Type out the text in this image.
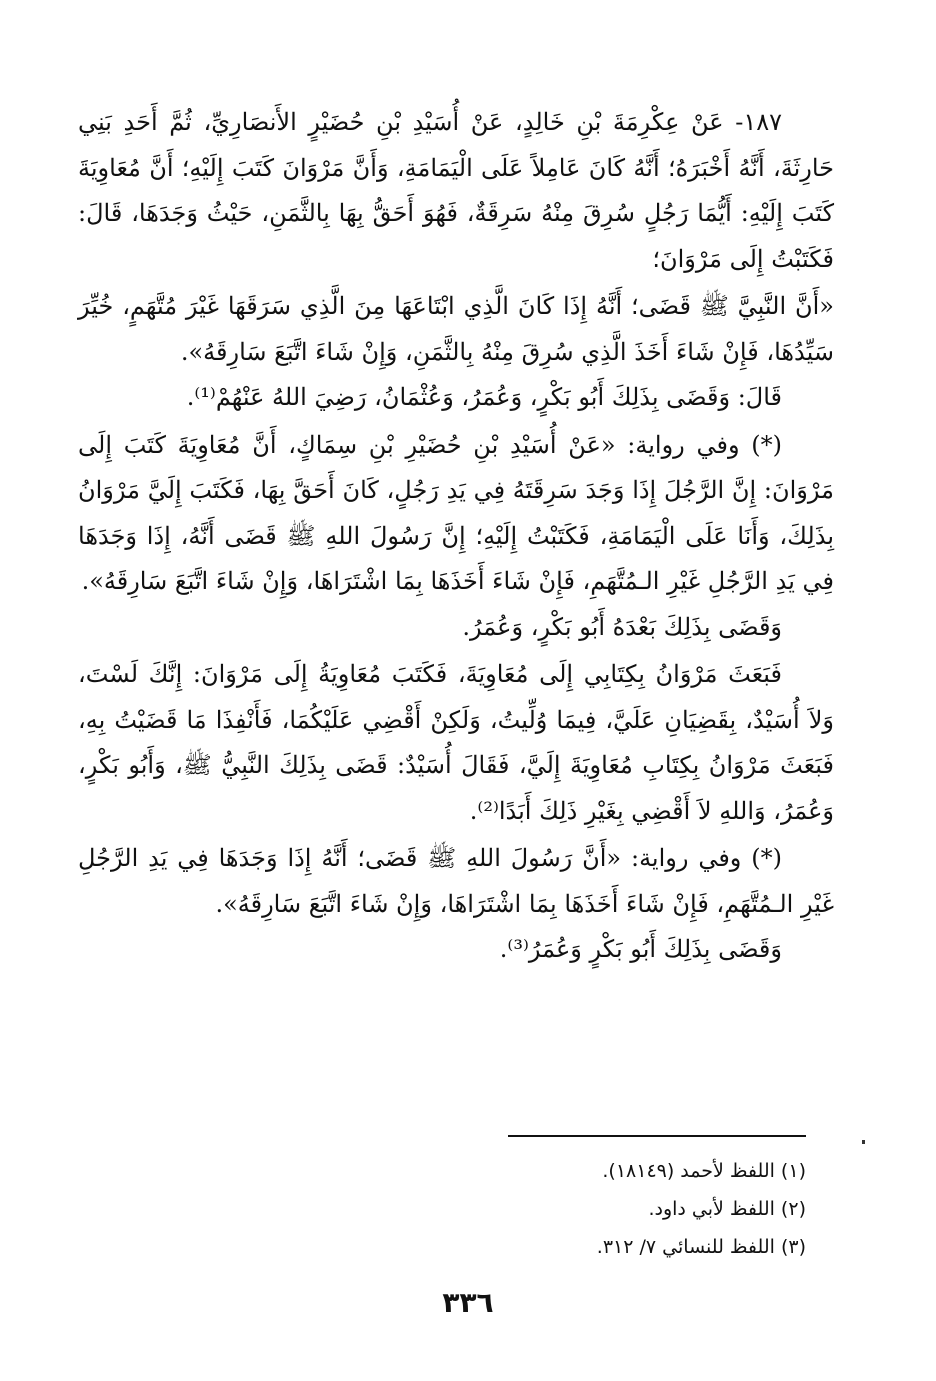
١٨٧- عَنْ عِكْرِمَةَ بْنِ خَالِدٍ، عَنْ أُسَيْدِ بْنِ حُضَيْرٍ الأَنصَارِيِّ، ثُمَّ أَحَدِ بَنِي حَارِثَةَ، أَنَّهُ أَخْبَرَهُ؛ أَنَّهُ كَانَ عَامِلاً عَلَى الْيَمَامَةِ، وَأَنَّ مَرْوَانَ كَتَبَ إِلَيْهِ؛ أَنَّ مُعَاوِيَةَ كَتَبَ إِلَيْهِ: أَيُّمَا رَجُلٍ سُرِقَ مِنْهُ سَرِقَةٌ، فَهُوَ أَحَقُّ بِهَا بِالثَّمَنِ، حَيْثُ وَجَدَهَا، قَالَ: فَكَتَبْتُ إِلَى مَرْوَانَ؛

«أَنَّ النَّبِيَّ ﷺ قَضَى؛ أَنَّهُ إِذَا كَانَ الَّذِي ابْتَاعَهَا مِنَ الَّذِي سَرَقَهَا غَيْرَ مُتَّهَمٍ، خُيِّرَ سَيِّدُهَا، فَإِنْ شَاءَ أَخَذَ الَّذِي سُرِقَ مِنْهُ بِالثَّمَنِ، وَإِنْ شَاءَ اتَّبَعَ سَارِقَهُ».

قَالَ: وَقَضَى بِذَلِكَ أَبُو بَكْرٍ، وَعُمَرُ، وَعُثْمَانُ، رَضِيَ اللهُ عَنْهُمْ⁽¹⁾.

(*) وفي رواية: «عَنْ أُسَيْدِ بْنِ حُضَيْرِ بْنِ سِمَاكٍ، أَنَّ مُعَاوِيَةَ كَتَبَ إِلَى مَرْوَانَ: إِنَّ الرَّجُلَ إِذَا وَجَدَ سَرِقَتَهُ فِي يَدِ رَجُلٍ، كَانَ أَحَقَّ بِهَا، فَكَتَبَ إِلَيَّ مَرْوَانُ بِذَلِكَ، وَأَنَا عَلَى الْيَمَامَةِ، فَكَتَبْتُ إِلَيْهِ؛ إِنَّ رَسُولَ اللهِ ﷺ قَضَى أَنَّهُ، إِذَا وَجَدَهَا فِي يَدِ الرَّجُلِ غَيْرِ الـمُتَّهَمِ، فَإِنْ شَاءَ أَخَذَهَا بِمَا اشْتَرَاهَا، وَإِنْ شَاءَ اتَّبَعَ سَارِقَهُ».

وَقَضَى بِذَلِكَ بَعْدَهُ أَبُو بَكْرٍ، وَعُمَرُ.

فَبَعَثَ مَرْوَانُ بِكِتَابِي إِلَى مُعَاوِيَةَ، فَكَتَبَ مُعَاوِيَةُ إِلَى مَرْوَانَ: إِنَّكَ لَسْتَ، وَلاَ أُسَيْدٌ، بِقَضِيَانِ عَلَيَّ، فِيمَا وُلِّيتُ، وَلَكِنْ أَقْضِي عَلَيْكُمَا، فَأَنْفِذَا مَا قَضَيْتُ بِهِ، فَبَعَثَ مَرْوَانُ بِكِتَابِ مُعَاوِيَةَ إِلَيَّ، فَقَالَ أُسَيْدٌ: قَضَى بِذَلِكَ النَّبِيُّ ﷺ، وَأَبُو بَكْرٍ، وَعُمَرُ، وَاللهِ لاَ أَقْضِي بِغَيْرِ ذَلِكَ أَبَدًا⁽²⁾.

(*) وفي رواية: «أَنَّ رَسُولَ اللهِ ﷺ قَضَى؛ أَنَّهُ إِذَا وَجَدَهَا فِي يَدِ الرَّجُلِ غَيْرِ الـمُتَّهَمِ، فَإِنْ شَاءَ أَخَذَهَا بِمَا اشْتَرَاهَا، وَإِنْ شَاءَ اتَّبَعَ سَارِقَهُ».

وَقَضَى بِذَلِكَ أَبُو بَكْرٍ وَعُمَرُ⁽³⁾.

(١) اللفظ لأحمد (١٨١٤٩).

(٢) اللفظ لأبي داود.

(٣) اللفظ للنسائي ٧/ ٣١٢.

٣٣٦
